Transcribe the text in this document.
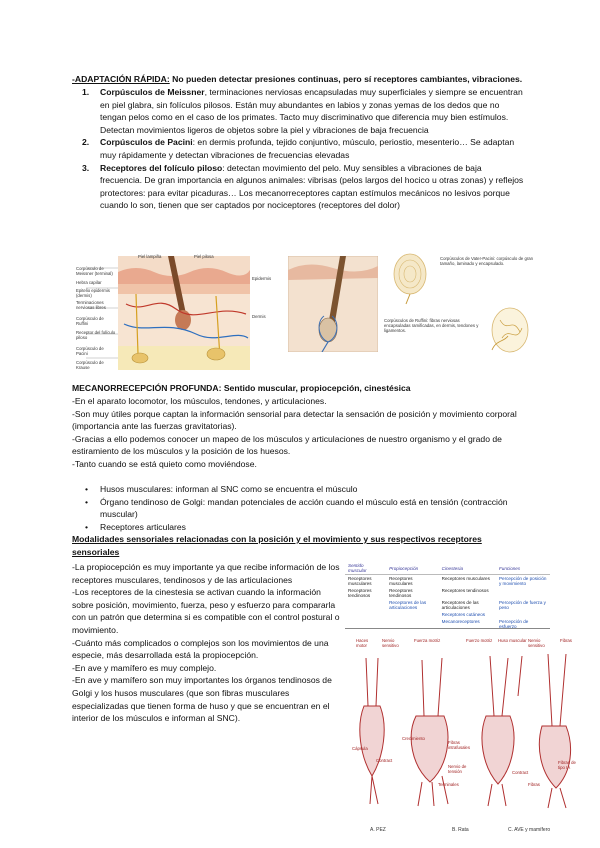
-ADAPTACIÓN RÁPIDA: No pueden detectar presiones continuas, pero sí receptores cambiantes, vibraciones.
1. Corpúsculos de Meissner, terminaciones nerviosas encapsuladas muy superficiales y siempre se encuentran en piel glabra, sin folículos pilosos. Están muy abundantes en labios y zonas yemas de los dedos que no tengan pelos como en el caso de los primates. Tacto muy discriminativo que diferencia muy bien estímulos. Detectan movimientos ligeros de objetos sobre la piel y vibraciones de baja frecuencia
2. Corpúsculos de Pacini: en dermis profunda, tejido conjuntivo, músculo, periostio, mesenterio… Se adaptan muy rápidamente y detectan vibraciones de frecuencias elevadas
3. Receptores del folículo piloso: detectan movimiento del pelo. Muy sensibles a vibraciones de baja frecuencia. De gran importancia en algunos animales: vibrisas (pelos largos del hocico u otras zonas) y reflejos protectores: para evitar picaduras… Los mecanorreceptores captan estímulos mecánicos no lesivos porque cuando lo son, tienen que ser captados por nociceptores (receptores del dolor)
Corpúsculo de Meissner (terminal)
Hebra capilar
Epitelio epidermis (dermis)
Terminaciones nerviosas libres
Corpúsculo de Ruffini
Receptor del folículo piloso
Corpúsculo de Pacini
Corpúsculo de Krause
Piel lampiña	Piel pilosa
Epidermis
Dermis
Corpúsculos de Vater-Pacini: corpúsculo de gran tamaño, laminado y encapsulado.
Corpúsculos de Ruffini: fibras nerviosas encapsuladas ramificadas, en dermis, tendones y ligamentos.
MECANORRECEPCIÓN PROFUNDA: Sentido muscular, propiocepción, cinestésica
-En el aparato locomotor, los músculos, tendones, y articulaciones.
-Son muy útiles porque captan la información sensorial para detectar la sensación de posición y movimiento corporal (importancia ante las fuerzas gravitatorias).
-Gracias a ello podemos conocer un mapeo de los músculos y articulaciones de nuestro organismo y el grado de estiramiento de los músculos y la posición de los huesos.
-Tanto cuando se está quieto como moviéndose.
• Husos musculares: informan al SNC como se encuentra el músculo
• Órgano tendinoso de Golgi: mandan potenciales de acción cuando el músculo está en tensión (contracción muscular)
• Receptores articulares
Modalidades sensoriales relacionadas con la posición y el movimiento y sus respectivos receptores sensoriales
-La propiocepción es muy importante ya que recibe información de los receptores musculares, tendinosos y de las articulaciones
-Los receptores de la cinestesia se activan cuando la información sobre posición, movimiento, fuerza, peso y esfuerzo para compararla con un patrón que determina si es compatible con el control postural o movimiento.
-Cuánto más complicados o complejos son los movimientos de una especie, más desarrollada está la propiocepción.
-En ave y mamífero es muy complejo.
-En ave y mamífero son muy importantes los órganos tendinosos de Golgi y los husos musculares (que son fibras musculares especializadas que tienen forma de huso y que se encuentran en el interior de los músculos e informan al SNC).
Sentido muscular	Propiocepción	Cinestesia	Funciones
Receptores musculares	Receptores musculares	Receptores musculares	Percepción de posición y movimiento
Receptores tendinosos	Receptores tendinosos	Receptores tendinosos	
	Receptores de las articulaciones	Receptores de las articulaciones	Percepción de fuerza y peso
		Receptores cutáneos	
		Mecanoreceptores	Percepción de esfuerzo
Haces motor
Nervio sensitivo
Fuerza motriz	Fuerzo motriz	Huso muscular Nervio sensitivo
Fibras
Cápsula
Contract
Crecimiento
Fibras intrafusales
Nervio de tensión
Terminales
Contract
Fibras
Fibras de tipo IA
A. PEZ	B. Rata	C. AVE y mamífero
